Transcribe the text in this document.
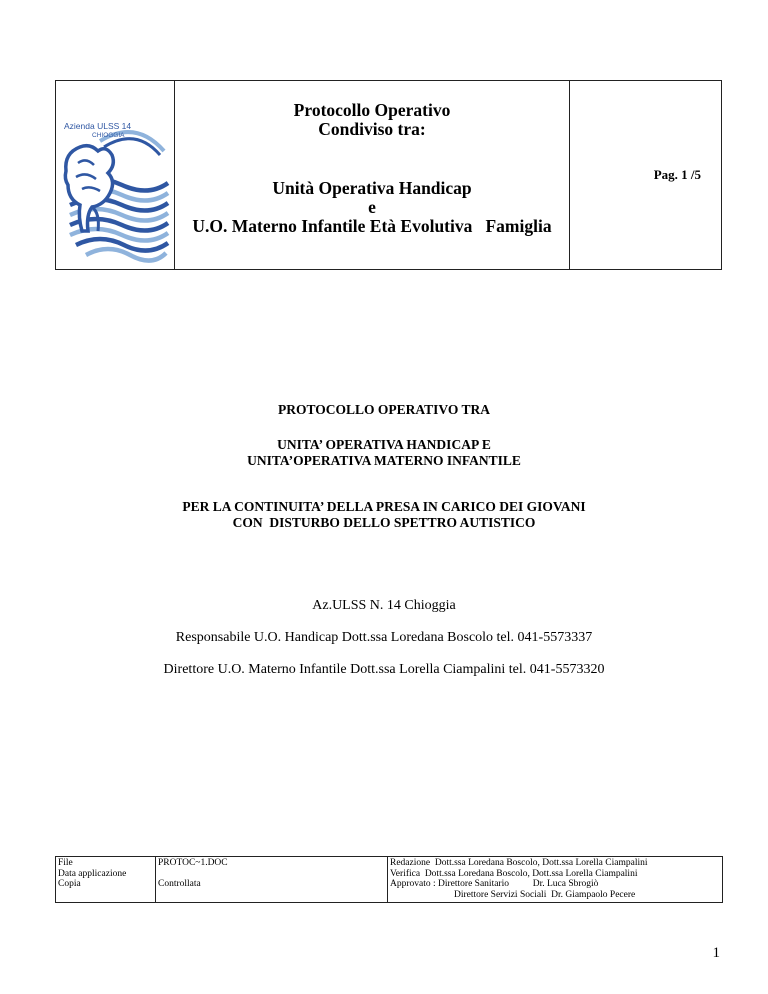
Azienda ULSS 14
CHIOGGIA
Protocollo Operativo
Condiviso tra:
Unità Operativa Handicap
e
U.O. Materno Infantile Età Evolutiva   Famiglia
Pag. 1 /5
PROTOCOLLO OPERATIVO TRA
UNITA’ OPERATIVA HANDICAP E
UNITA’OPERATIVA MATERNO INFANTILE
PER LA CONTINUITA’ DELLA PRESA IN CARICO DEI GIOVANI
CON  DISTURBO DELLO SPETTRO AUTISTICO
Az.ULSS N. 14 Chioggia
Responsabile U.O. Handicap Dott.ssa Loredana Boscolo tel. 041-5573337
Direttore U.O. Materno Infantile Dott.ssa Lorella Ciampalini tel. 041-5573320
File
Data applicazione
Copia
PROTOC~1.DOC
Controllata
Redazione  Dott.ssa Loredana Boscolo, Dott.ssa Lorella Ciampalini
Verifica  Dott.ssa Loredana Boscolo, Dott.ssa Lorella Ciampalini
Approvato : Direttore Sanitario          Dr. Luca Sbrogiò
Direttore Servizi Sociali  Dr. Giampaolo Pecere
1
